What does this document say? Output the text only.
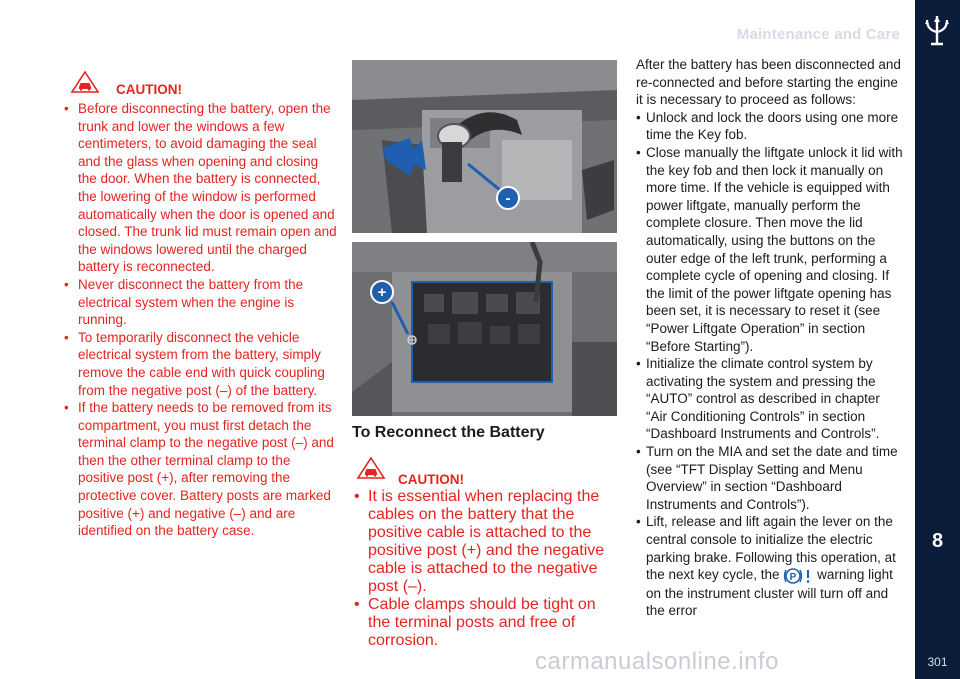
Maintenance and Care
8
301
CAUTION!
• Before disconnecting the battery, open the trunk and lower the windows a few centimeters, to avoid damaging the seal and the glass when opening and closing the door. When the battery is connected, the lowering of the window is performed automatically when the door is opened and closed. The trunk lid must remain open and the windows lowered until the charged battery is reconnected.
• Never disconnect the battery from the electrical system when the engine is running.
• To temporarily disconnect the vehicle electrical system from the battery, simply remove the cable end with quick coupling from the negative post (–) of the battery.
• If the battery needs to be removed from its compartment, you must first detach the terminal clamp to the negative post (–) and then the other terminal clamp to the positive post (+), after removing the protective cover. Battery posts are marked positive (+) and negative (–) and are identified on the battery case.
-
+
To Reconnect the Battery
CAUTION!
• It is essential when replacing the cables on the battery that the positive cable is attached to the positive post (+) and the negative cable is attached to the negative post (–).
• Cable clamps should be tight on the terminal posts and free of corrosion.
After the battery has been disconnected and re-connected and before starting the engine it is necessary to proceed as follows:
• Unlock and lock the doors using one more time the Key fob.
• Close manually the liftgate unlock it lid with the key fob and then lock it manually on more time. If the vehicle is equipped with power liftgate, manually perform the complete closure. Then move the lid automatically, using the buttons on the outer edge of the left trunk, performing a complete cycle of opening and closing. If the limit of the power liftgate opening has been set, it is necessary to reset it (see “Power Liftgate Operation” in section “Before Starting”).
• Initialize the climate control system by activating the system and pressing the “AUTO” control as described in chapter “Air Conditioning Controls” in section “Dashboard Instruments and Controls”.
• Turn on the MIA and set the date and time (see “TFT Display Setting and Menu Overview” in section “Dashboard Instruments and Controls”).
• Lift, release and lift again the lever on the central console to initialize the electric parking brake. Following this operation, at the next key cycle, the P warning light on the instrument cluster will turn off and the error
carmanualsonline.info
